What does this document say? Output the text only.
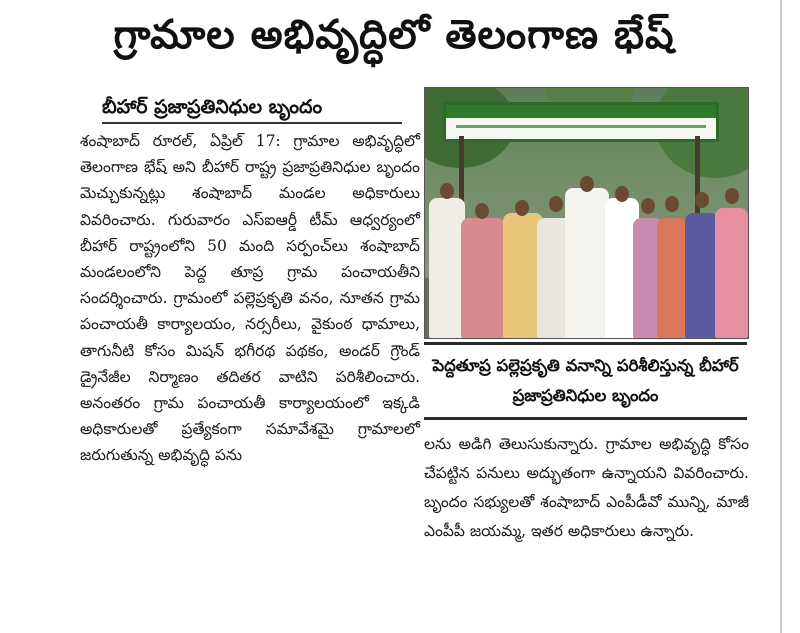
గ్రామాల అభివృద్ధిలో తెలంగాణ భేష్
బీహార్ ప్రజాప్రతినిధుల బృందం

శంషాబాద్ రూరల్, ఏప్రిల్ 17: గ్రామాల అభివృద్ధిలో తెలంగాణ భేష్ అని బీహార్ రాష్ట్ర ప్రజాప్రతినిధుల బృందం మెచ్చుకున్నట్లు శంషాబాద్ మండల అధికారులు వివరించారు. గురువారం ఎస్ఐఆర్డీ టీమ్ ఆధ్వర్యంలో బీహార్ రాష్ట్రంలోని 50 మంది సర్పంచ్‌లు శంషాబాద్ మండలంలోని పెద్ద తూప్ర గ్రామ పంచాయతీని సందర్శించారు. గ్రామంలో పల్లెప్రకృతి వనం, నూతన గ్రామ పంచాయతీ కార్యాలయం, నర్సరీలు, వైకుంఠ ధామాలు, తాగునీటి కోసం మిషన్ భగీరథ పథకం, అండర్ గ్రౌండ్ డ్రైనేజీల నిర్మాణం తదితర వాటిని పరిశీలించారు. అనంతరం గ్రామ పంచాయతీ కార్యాలయంలో ఇక్కడి అధికారులతో ప్రత్యేకంగా సమావేశమై గ్రామాలలో జరుగుతున్న అభివృద్ధి పను

పెద్దతూప్ర పల్లెప్రకృతి వనాన్ని పరిశీలిస్తున్న బీహార్ ప్రజాప్రతినిధుల బృందం

లను అడిగి తెలుసుకున్నారు. గ్రామాల అభివృద్ధి కోసం చేపట్టిన పనులు అద్భుతంగా ఉన్నాయని వివరించారు. బృందం సభ్యులతో శంషాబాద్ ఎంపీడీవో మున్ని, మాజీ ఎంపీపీ జయమ్మ, ఇతర అధికారులు ఉన్నారు.
